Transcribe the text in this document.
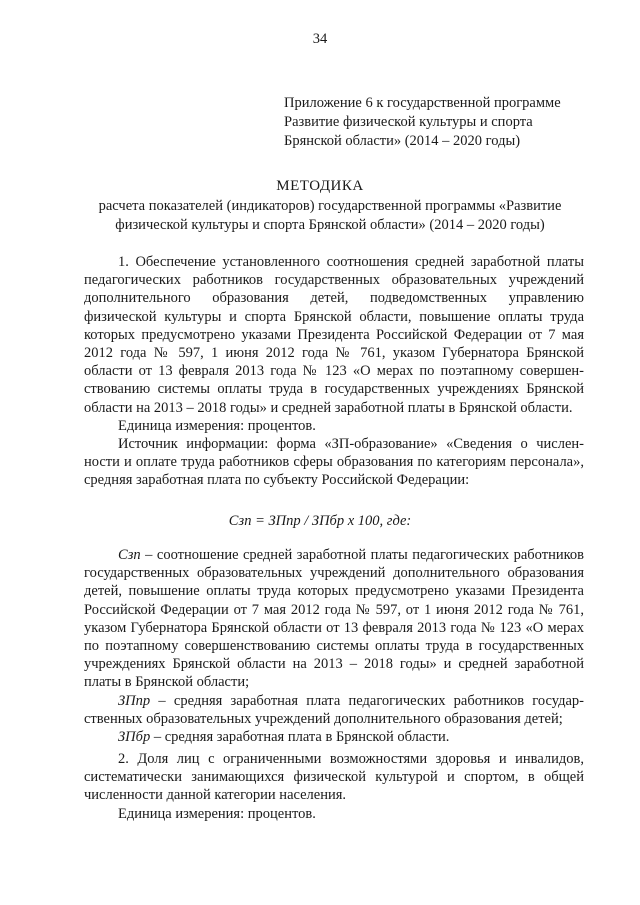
34
Приложение 6 к государственной программе
Развитие физической культуры и спорта
Брянской области» (2014 – 2020 годы)
МЕТОДИКА
расчета показателей (индикаторов) государственной программы «Развитие физической культуры и спорта Брянской области» (2014 – 2020 годы)

1. Обеспечение установленного соотношения средней заработной платы педагогических работников государственных образовательных учреждений дополнительного образования детей, подведомственных управлению физической культуры и спорта Брянской области, повышение оплаты труда которых предусмотрено указами Президента Российской Федерации от 7 мая 2012 года № 597, 1 июня 2012 года № 761, указом Губернатора Брянской области от 13 февраля 2013 года № 123 «О мерах по поэтапному совершенствованию системы оплаты труда в государственных учреждениях Брянской области на 2013 – 2018 годы» и средней заработной платы в Брянской области.

Единица измерения: процентов.

Источник информации: форма «ЗП-образование» «Сведения о численности и оплате труда работников сферы образования по категориям персонала», средняя заработная плата по субъекту Российской Федерации:

Сзп = ЗПпр / ЗПбр х 100, где:

Сзп – соотношение средней заработной платы педагогических работников государственных образовательных учреждений дополнительного образования детей, повышение оплаты труда которых предусмотрено указами Президента Российской Федерации от 7 мая 2012 года № 597, от 1 июня 2012 года № 761, указом Губернатора Брянской области от 13 февраля 2013 года № 123 «О мерах по поэтапному совершенствованию системы оплаты труда в государственных учреждениях Брянской области на 2013 – 2018 годы» и средней заработной платы в Брянской области;

ЗПпр – средняя заработная плата педагогических работников государственных образовательных учреждений дополнительного образования детей;

ЗПбр – средняя заработная плата в Брянской области.

2. Доля лиц с ограниченными возможностями здоровья и инвалидов, систематически занимающихся физической культурой и спортом, в общей численности данной категории населения.

Единица измерения: процентов.
